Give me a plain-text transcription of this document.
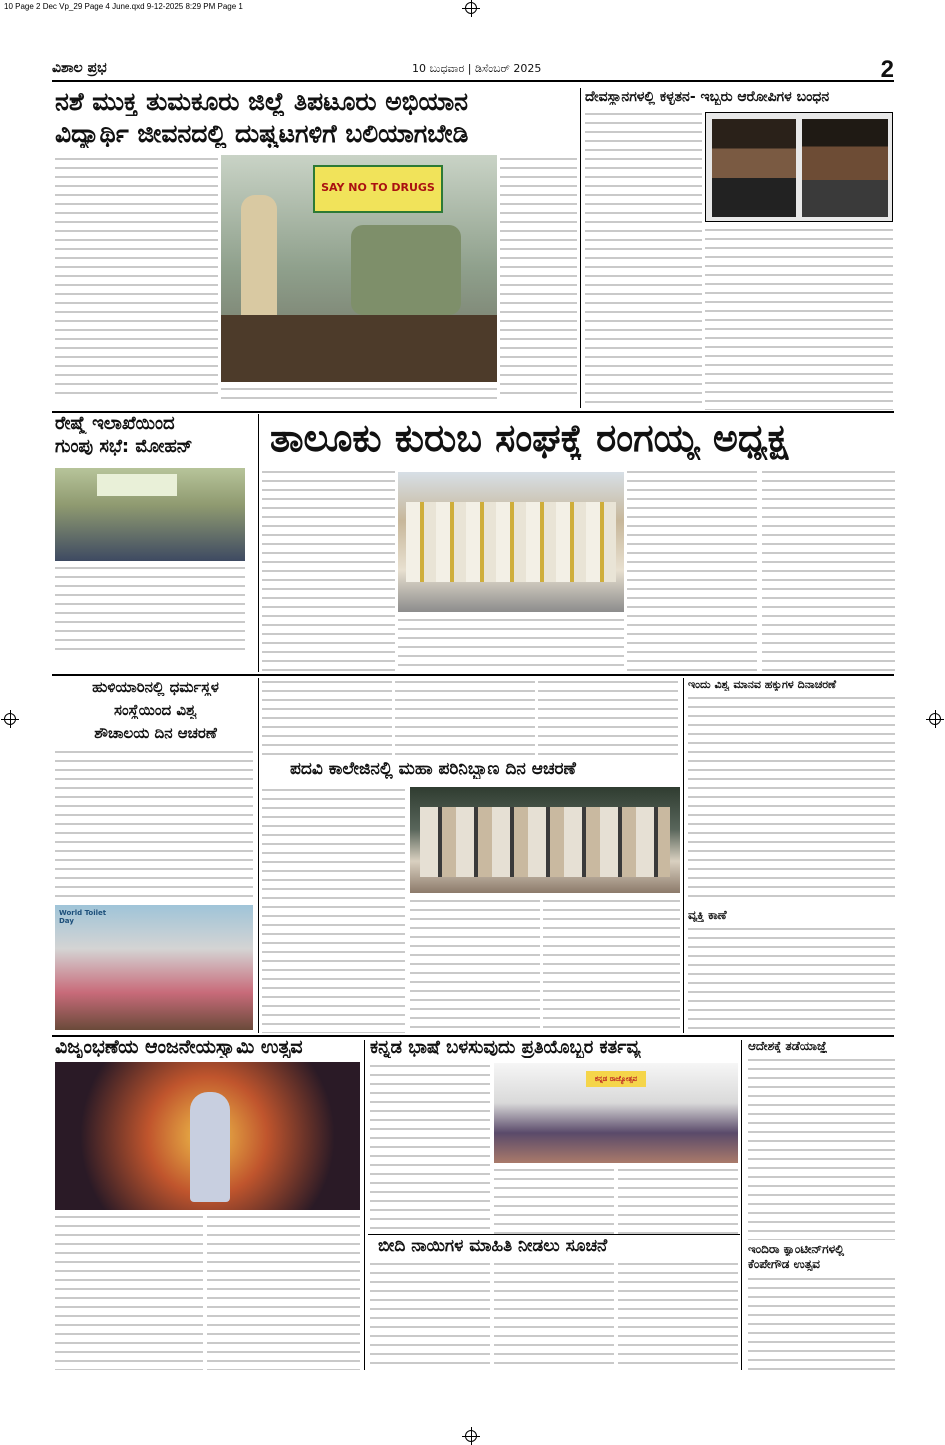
10 Page 2 Dec Vp_29 Page 4 June.qxd 9-12-2025 8:29 PM Page 1
ವಿಶಾಲ ಪ್ರಭ	10 ಬುಧವಾರ | ಡಿಸೆಂಬರ್ 2025	2
ನಶೆ ಮುಕ್ತ ತುಮಕೂರು ಜಿಲ್ಲೆ ತಿಪಟೂರು ಅಭಿಯಾನ
ವಿದ್ಯಾರ್ಥಿ ಜೀವನದಲ್ಲಿ ದುಷ್ಚಟಗಳಿಗೆ ಬಲಿಯಾಗಬೇಡಿ
SAY NO TO DRUGS
ದೇವಸ್ಥಾನಗಳಲ್ಲಿ ಕಳ್ಳತನ- ಇಬ್ಬರು ಆರೋಪಿಗಳ ಬಂಧನ
ರೇಷ್ಮೆ ಇಲಾಖೆಯಿಂದ
ಗುಂಪು ಸಭೆ: ಮೋಹನ್	ತಾಲೂಕು ಕುರುಬ ಸಂಘಕ್ಕೆ ರಂಗಯ್ಯ ಅಧ್ಯಕ್ಷ
ಹುಳಿಯಾರಿನಲ್ಲಿ ಧರ್ಮಸ್ಥಳ
ಸಂಸ್ಥೆಯಿಂದ ವಿಶ್ವ
ಶೌಚಾಲಯ ದಿನ ಆಚರಣೆ
World Toilet Day
ಪದವಿ ಕಾಲೇಜಿನಲ್ಲಿ ಮಹಾ ಪರಿನಿಬ್ಬಾಣ ದಿನ ಆಚರಣೆ
ಇಂದು ವಿಶ್ವ ಮಾನವ ಹಕ್ಕುಗಳ ದಿನಾಚರಣೆ
ವ್ಯಕ್ತಿ ಕಾಣೆ
ವಿಜೃಂಭಣೆಯ ಆಂಜನೇಯಸ್ವಾಮಿ ಉತ್ಸವ	ಕನ್ನಡ ಭಾಷೆ ಬಳಸುವುದು ಪ್ರತಿಯೊಬ್ಬರ ಕರ್ತವ್ಯ
ಕನ್ನಡ ರಾಜ್ಯೋತ್ಸವ
ಬೀದಿ ನಾಯಿಗಳ ಮಾಹಿತಿ ನೀಡಲು ಸೂಚನೆ
ಆದೇಶಕ್ಕೆ ತಡೆಯಾಜ್ಞೆ
ಇಂದಿರಾ ಕ್ಯಾಂಟೀನ್‌ಗಳಲ್ಲಿ
ಕೆಂಪೇಗೌಡ ಉತ್ಸವ
